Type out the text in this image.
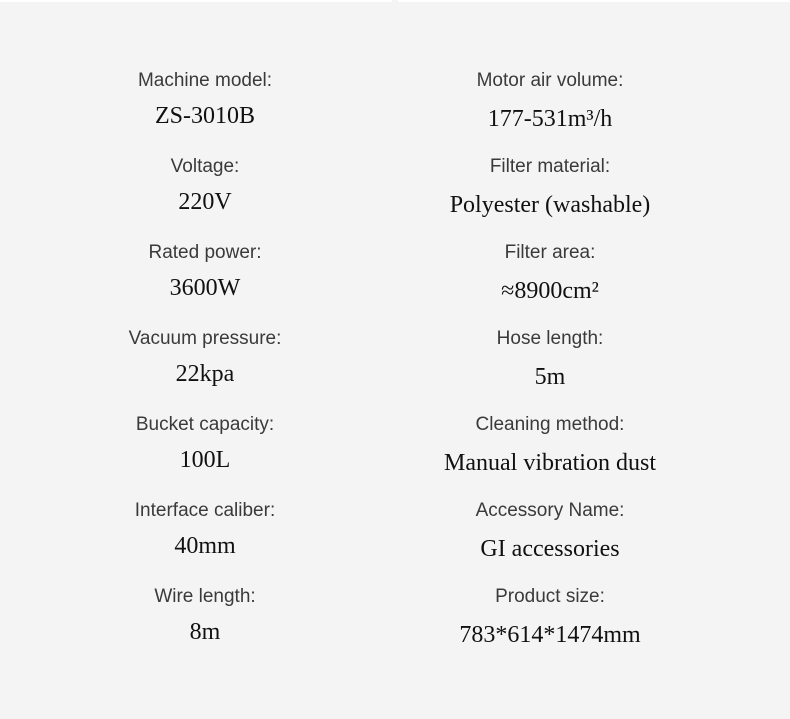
Machine model:
ZS-3010B
Voltage:
220V
Rated power:
3600W
Vacuum pressure:
22kpa
Bucket capacity:
100L
Interface caliber:
40mm
Wire length:
8m
Motor air volume:
177-531m³/h
Filter material:
Polyester (washable)
Filter area:
≈8900cm²
Hose length:
5m
Cleaning method:
Manual vibration dust
Accessory Name:
GI accessories
Product size:
783*614*1474mm
